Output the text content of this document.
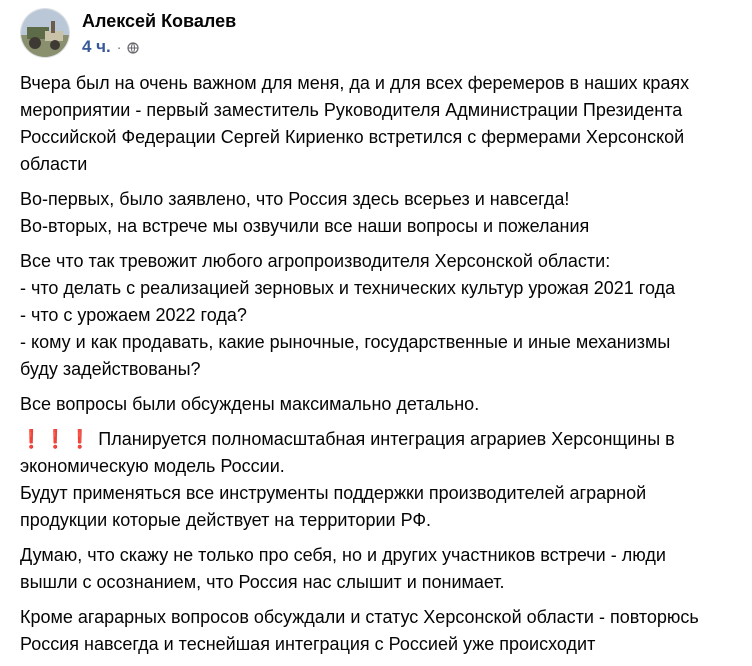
Алексей Ковалев
4 ч. ·

Вчера был на очень важном для меня, да и для всех феремеров в наших краях
мероприятии - первый заместитель Руководителя Администрации Президента
Российской Федерации Сергей Кириенко встретился с фермерами Херсонской
области

Во-первых, было заявлено, что Россия здесь всерьез и навсегда!
Во-вторых, на встрече мы озвучили все наши вопросы и пожелания

Все что так тревожит любого агропроизводителя Херсонской области:
- что делать с реализацией зерновых и технических культур урожая 2021 года
- что с урожаем 2022 года?
- кому и как продавать, какие рыночные, государственные и иные механизмы
буду задействованы?

Все вопросы были обсуждены максимально детально.

❗❗❗ Планируется полномасштабная интеграция аграриев Херсонщины в
экономическую модель России.
Будут применяться все инструменты поддержки производителей аграрной
продукции которые действует на территории РФ.

Думаю, что скажу не только про себя, но и других участников встречи - люди
вышли с осознанием, что Россия нас слышит и понимает.

Кроме агарарных вопросов обсуждали и статус Херсонской области - повторюсь
Россия навсегда и теснейшая интеграция с Россией уже происходит
